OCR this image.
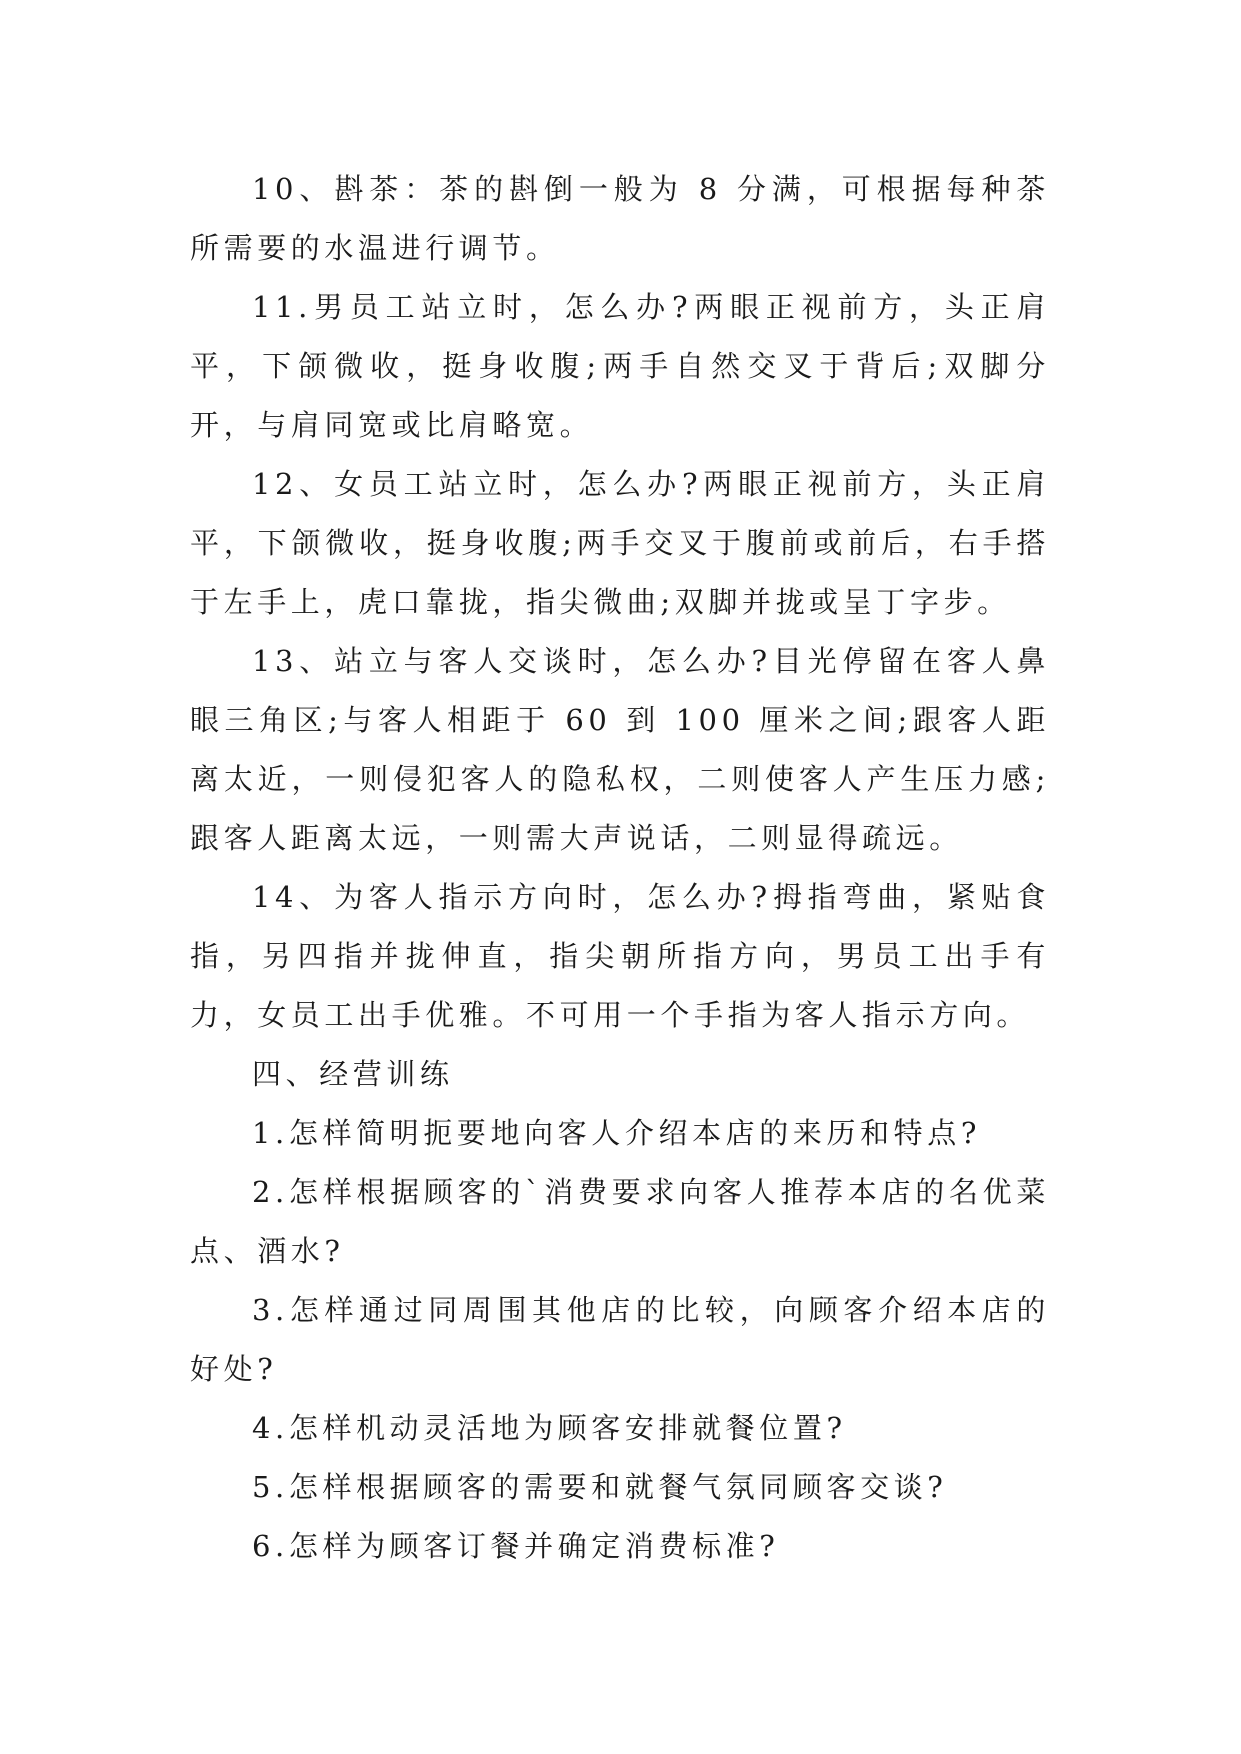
10、斟茶：茶的斟倒一般为 8 分满，可根据每种茶所需要的水温进行调节。

11.男员工站立时，怎么办?两眼正视前方，头正肩平，下颌微收，挺身收腹;两手自然交叉于背后;双脚分开，与肩同宽或比肩略宽。

12、女员工站立时，怎么办?两眼正视前方，头正肩平，下颌微收，挺身收腹;两手交叉于腹前或前后，右手搭于左手上，虎口靠拢，指尖微曲;双脚并拢或呈丁字步。

13、站立与客人交谈时，怎么办?目光停留在客人鼻眼三角区;与客人相距于 60 到 100 厘米之间;跟客人距离太近，一则侵犯客人的隐私权，二则使客人产生压力感;跟客人距离太远，一则需大声说话，二则显得疏远。

14、为客人指示方向时，怎么办?拇指弯曲，紧贴食指，另四指并拢伸直，指尖朝所指方向，男员工出手有力，女员工出手优雅。不可用一个手指为客人指示方向。

四、经营训练

1.怎样简明扼要地向客人介绍本店的来历和特点?

2.怎样根据顾客的`消费要求向客人推荐本店的名优菜点、酒水?

3.怎样通过同周围其他店的比较，向顾客介绍本店的好处?

4.怎样机动灵活地为顾客安排就餐位置?

5.怎样根据顾客的需要和就餐气氛同顾客交谈?

6.怎样为顾客订餐并确定消费标准?
